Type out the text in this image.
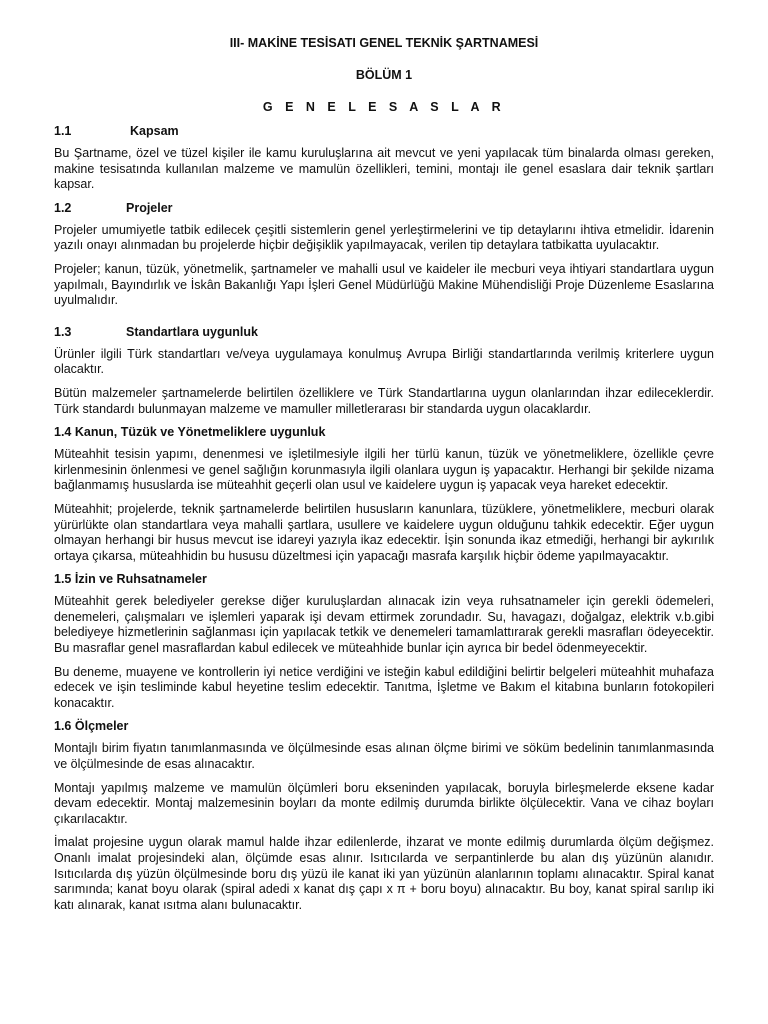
III- MAKİNE TESİSATI GENEL TEKNİK ŞARTNAMESİ
BÖLÜM 1
G E N E L E S A S L A R
1.1	Kapsam

Bu Şartname, özel ve tüzel kişiler ile kamu kuruluşlarına ait mevcut ve yeni yapılacak tüm binalarda olması gereken, makine tesisatında kullanılan malzeme ve mamulün özellikleri, temini, montajı ile genel esaslara dair teknik şartları kapsar.

1.2	Projeler

Projeler umumiyetle tatbik edilecek çeşitli sistemlerin genel yerleştirmelerini ve tip detaylarını ihtiva etmelidir. İdarenin yazılı onayı alınmadan bu projelerde hiçbir değişiklik yapılmayacak, verilen tip detaylara tatbikatta uyulacaktır.

Projeler; kanun, tüzük, yönetmelik, şartnameler ve mahalli usul ve kaideler ile mecburi veya ihtiyari standartlara uygun yapılmalı, Bayındırlık ve İskân Bakanlığı Yapı İşleri Genel Müdürlüğü Makine Mühendisliği Proje Düzenleme Esaslarına uyulmalıdır.

1.3	Standartlara uygunluk

Ürünler ilgili Türk standartları ve/veya uygulamaya konulmuş Avrupa Birliği standartlarında verilmiş kriterlere uygun olacaktır.

Bütün malzemeler şartnamelerde belirtilen özelliklere ve Türk Standartlarına uygun olanlarından ihzar edileceklerdir. Türk standardı bulunmayan malzeme ve mamuller milletlerarası bir standarda uygun olacaklardır.

1.4 Kanun, Tüzük ve Yönetmeliklere uygunluk

Müteahhit tesisin yapımı, denenmesi ve işletilmesiyle ilgili her türlü kanun, tüzük ve yönetmeliklere, özellikle çevre kirlenmesinin önlenmesi ve genel sağlığın korunmasıyla ilgili olanlara uygun iş yapacaktır. Herhangi bir şekilde nizama bağlanmamış hususlarda ise müteahhit geçerli olan usul ve kaidelere uygun iş yapacak veya hareket edecektir.

Müteahhit; projelerde, teknik şartnamelerde belirtilen hususların kanunlara, tüzüklere, yönetmeliklere, mecburi olarak yürürlükte olan standartlara veya mahalli şartlara, usullere ve kaidelere uygun olduğunu tahkik edecektir. Eğer uygun olmayan herhangi bir husus mevcut ise idareyi yazıyla ikaz edecektir. İşin sonunda ikaz etmediği, herhangi bir aykırılık ortaya çıkarsa, müteahhidin bu hususu düzeltmesi için yapacağı masrafa karşılık hiçbir ödeme yapılmayacaktır.

1.5 İzin ve Ruhsatnameler

Müteahhit gerek belediyeler gerekse diğer kuruluşlardan alınacak izin veya ruhsatnameler için gerekli ödemeleri, denemeleri, çalışmaları ve işlemleri yaparak işi devam ettirmek zorundadır. Su, havagazı, doğalgaz, elektrik v.b.gibi belediyeye hizmetlerinin sağlanması için yapılacak tetkik ve denemeleri tamamlattırarak gerekli masrafları ödeyecektir. Bu masraflar genel masraflardan kabul edilecek ve müteahhide bunlar için ayrıca bir bedel ödenmeyecektir.

Bu deneme, muayene ve kontrollerin iyi netice verdiğini ve isteğin kabul edildiğini belirtir belgeleri müteahhit muhafaza edecek ve işin tesliminde kabul heyetine teslim edecektir. Tanıtma, İşletme ve Bakım el kitabına bunların fotokopileri konacaktır.

1.6 Ölçmeler

Montajlı birim fiyatın tanımlanmasında ve ölçülmesinde esas alınan ölçme birimi ve söküm bedelinin tanımlanmasında ve ölçülmesinde de esas alınacaktır.

Montajı yapılmış malzeme ve mamulün ölçümleri boru ekseninden yapılacak, boruyla birleşmelerde eksene kadar devam edecektir. Montaj malzemesinin boyları da monte edilmiş durumda birlikte ölçülecektir. Vana ve cihaz boyları çıkarılacaktır.

İmalat projesine uygun olarak mamul halde ihzar edilenlerde, ihzarat ve monte edilmiş durumlarda ölçüm değişmez. Onanlı imalat projesindeki alan, ölçümde esas alınır. Isıtıcılarda ve serpantinlerde bu alan dış yüzünün alanıdır. Isıtıcılarda dış yüzün ölçülmesinde boru dış yüzü ile kanat iki yan yüzünün alanlarının toplamı alınacaktır. Spiral kanat sarımında; kanat boyu olarak (spiral adedi x kanat dış çapı x π + boru boyu) alınacaktır. Bu boy, kanat spiral sarılıp iki katı alınarak, kanat ısıtma alanı bulunacaktır.
